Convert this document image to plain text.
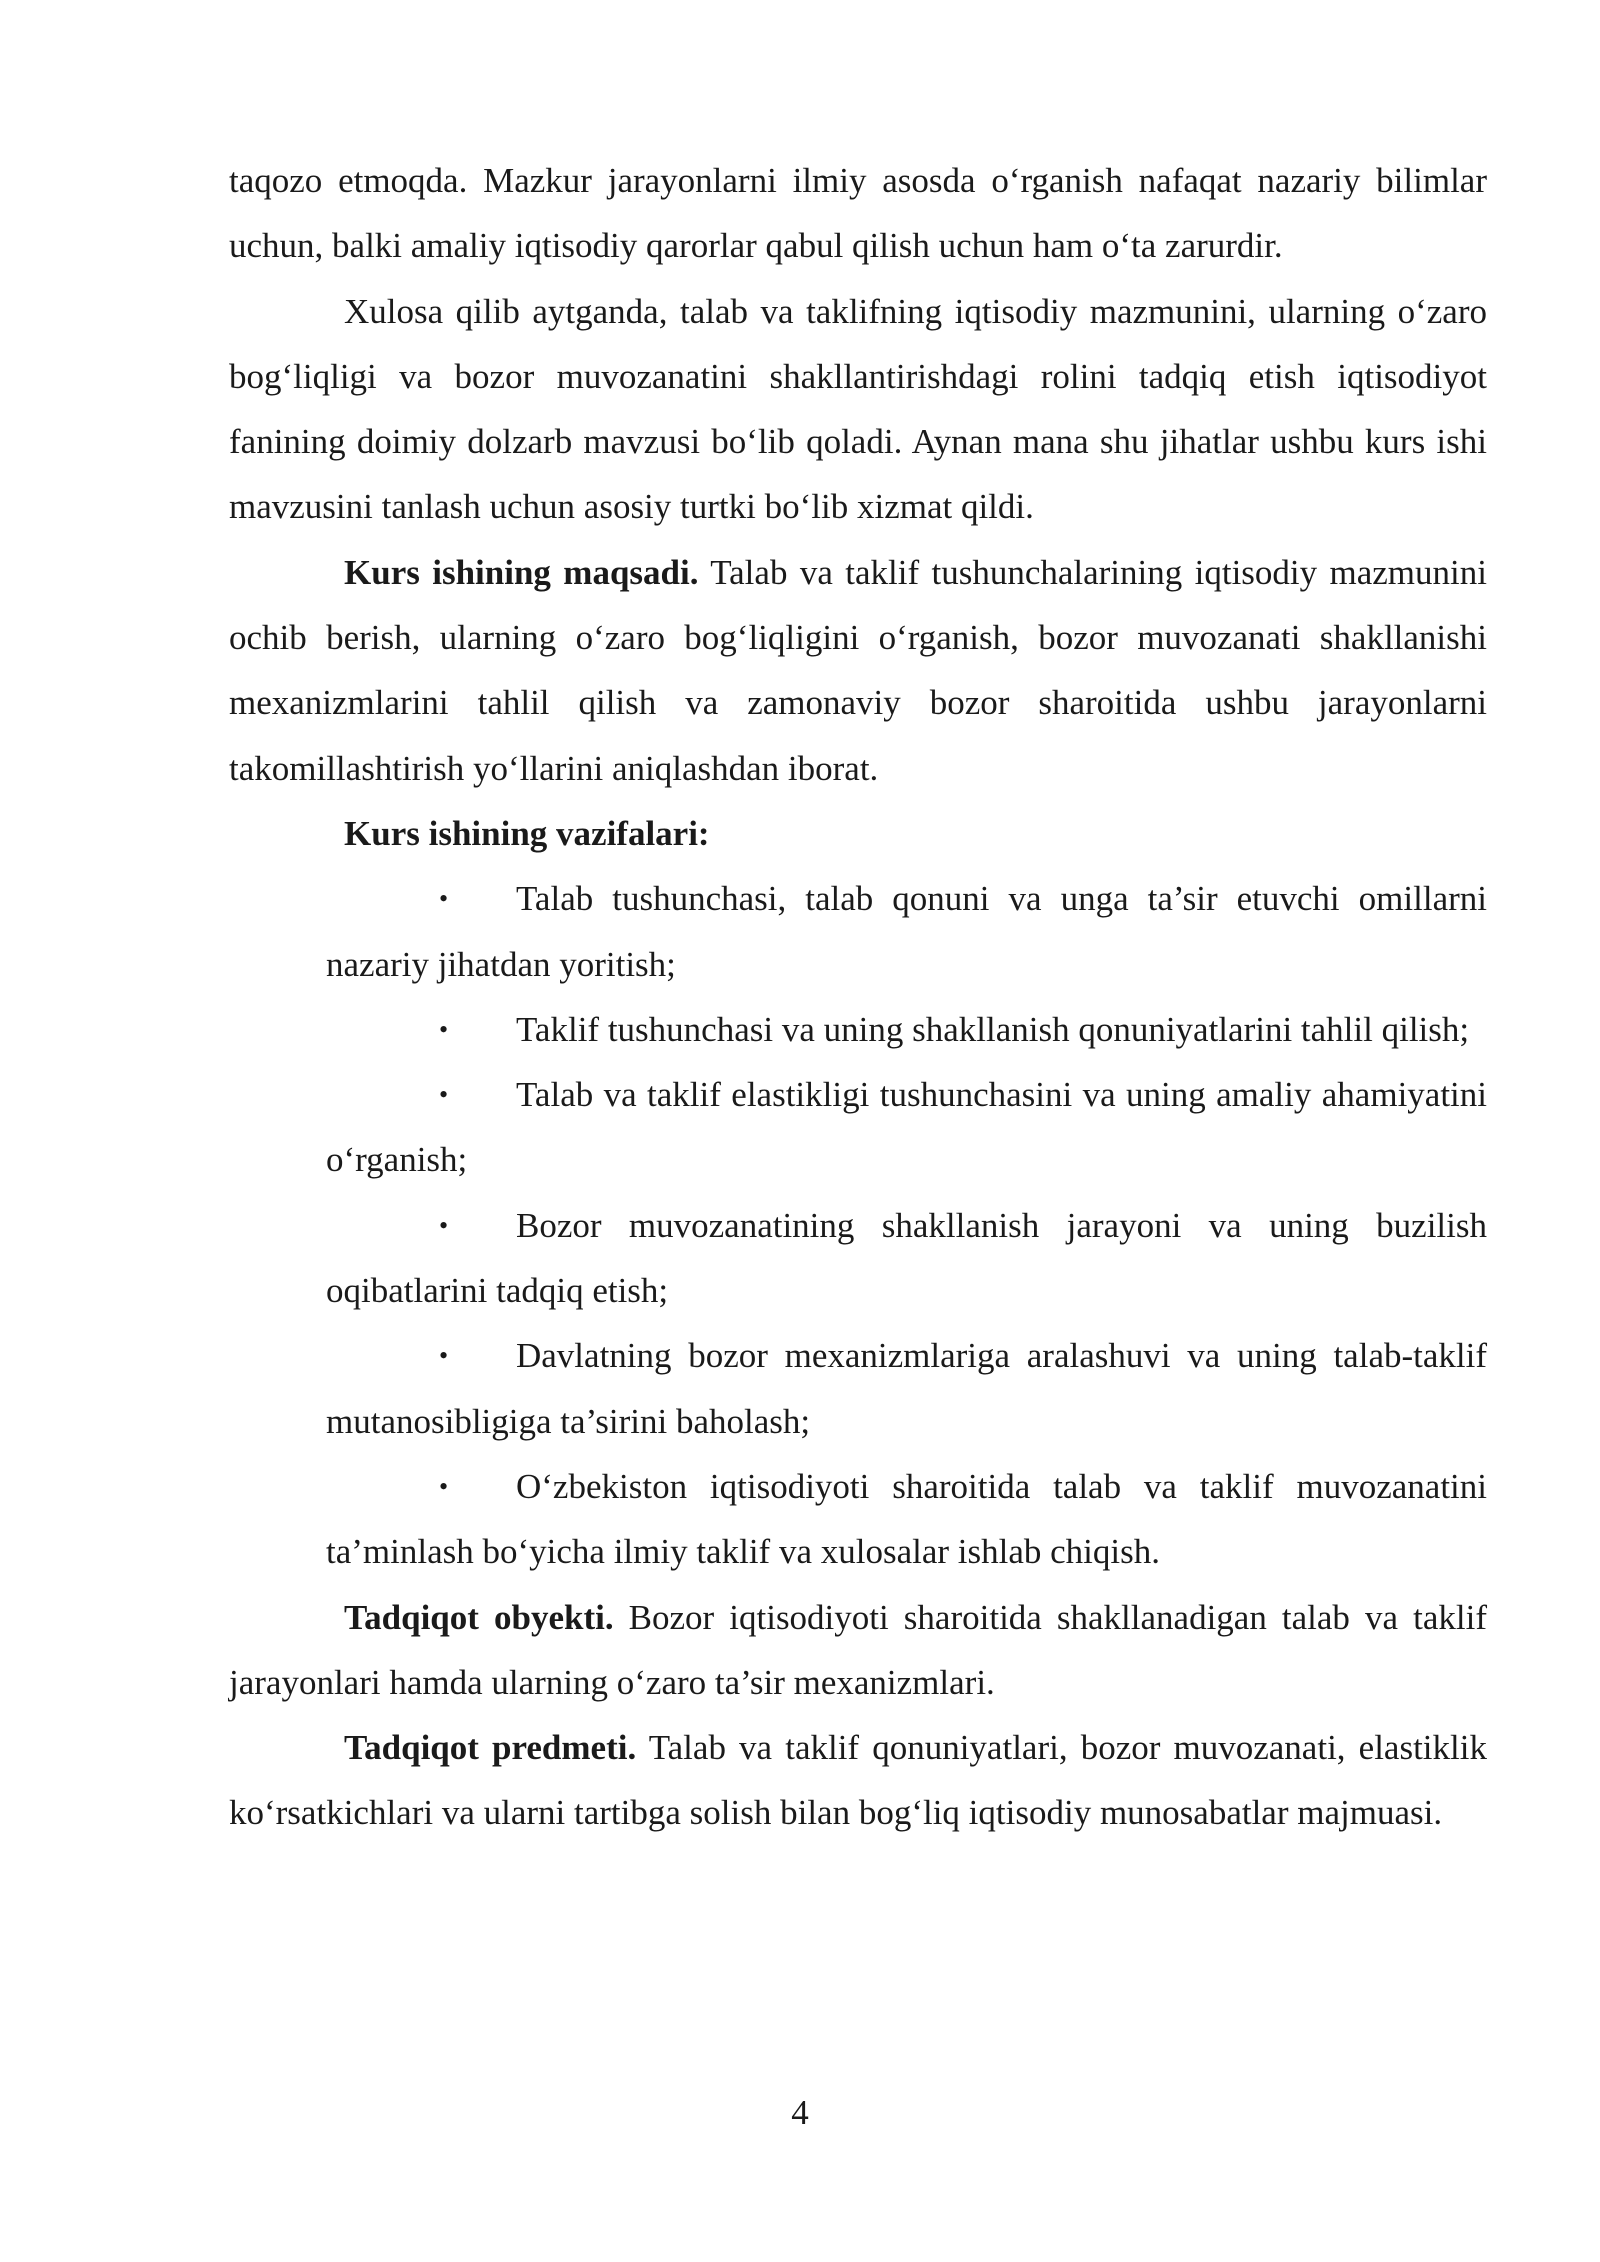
taqozo etmoqda. Mazkur jarayonlarni ilmiy asosda o‘rganish nafaqat nazariy bilimlar uchun, balki amaliy iqtisodiy qarorlar qabul qilish uchun ham o‘ta zarurdir.

Xulosa qilib aytganda, talab va taklifning iqtisodiy mazmunini, ularning o‘zaro bog‘liqligi va bozor muvozanatini shakllantirishdagi rolini tadqiq etish iqtisodiyot fanining doimiy dolzarb mavzusi bo‘lib qoladi. Aynan mana shu jihatlar ushbu kurs ishi mavzusini tanlash uchun asosiy turtki bo‘lib xizmat qildi.

Kurs ishining maqsadi. Talab va taklif tushunchalarining iqtisodiy mazmunini ochib berish, ularning o‘zaro bog‘liqligini o‘rganish, bozor muvozanati shakllanishi mexanizmlarini tahlil qilish va zamonaviy bozor sharoitida ushbu jarayonlarni takomillashtirish yo‘llarini aniqlashdan iborat.

Kurs ishining vazifalari:

• Talab tushunchasi, talab qonuni va unga ta’sir etuvchi omillarni nazariy jihatdan yoritish;

• Taklif tushunchasi va uning shakllanish qonuniyatlarini tahlil qilish;

• Talab va taklif elastikligi tushunchasini va uning amaliy ahamiyatini o‘rganish;

• Bozor muvozanatining shakllanish jarayoni va uning buzilish oqibatlarini tadqiq etish;

• Davlatning bozor mexanizmlariga aralashuvi va uning talab-taklif mutanosibligiga ta’sirini baholash;

• O‘zbekiston iqtisodiyoti sharoitida talab va taklif muvozanatini ta’minlash bo‘yicha ilmiy taklif va xulosalar ishlab chiqish.

Tadqiqot obyekti. Bozor iqtisodiyoti sharoitida shakllanadigan talab va taklif jarayonlari hamda ularning o‘zaro ta’sir mexanizmlari.

Tadqiqot predmeti. Talab va taklif qonuniyatlari, bozor muvozanati, elastiklik ko‘rsatkichlari va ularni tartibga solish bilan bog‘liq iqtisodiy munosabatlar majmuasi.

4
